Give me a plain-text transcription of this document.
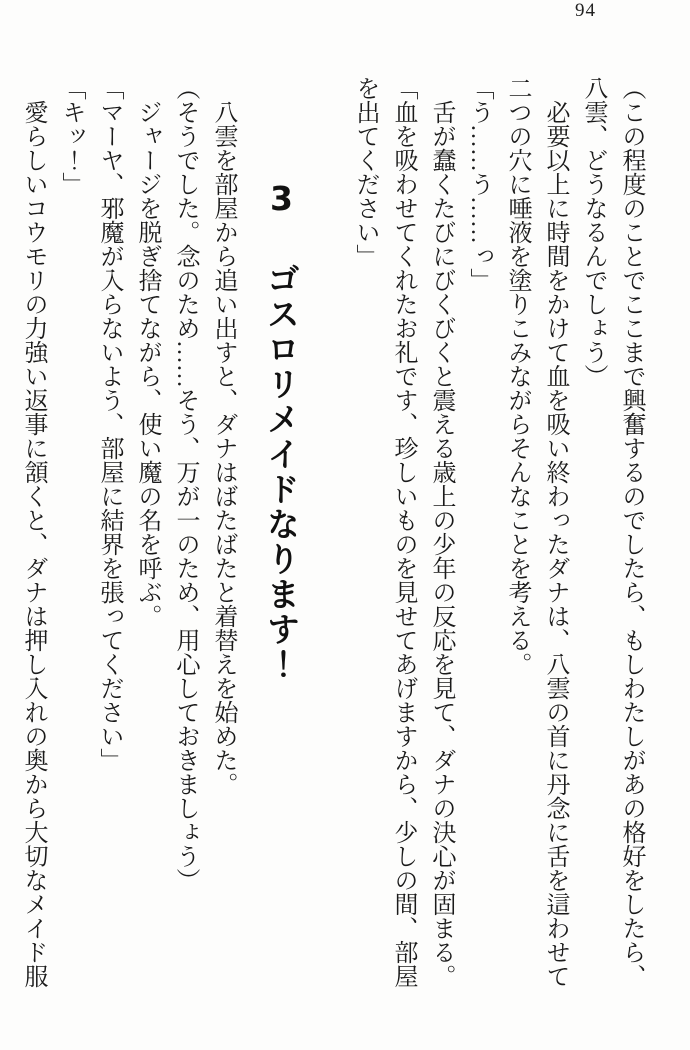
94

（この程度のことでここまで興奮するのでしたら、もしわたしがあの格好をしたら、八雲、どうなるんでしょう）

必要以上に時間をかけて血を吸い終わったダナは、八雲の首に丹念に舌を這わせて二つの穴に唾液を塗りこみながらそんなことを考える。

「う……う……っ」

舌が蠢くたびにびくびくと震える歳上の少年の反応を見て、ダナの決心が固まる。

「血を吸わせてくれたお礼です、珍しいものを見せてあげますから、少しの間、部屋を出てください」

3 ゴスロリメイドなります！

八雲を部屋から追い出すと、ダナはばたばたと着替えを始めた。

（そうでした。念のため……そう、万が一のため、用心しておきましょう）

ジャージを脱ぎ捨てながら、使い魔の名を呼ぶ。

「マーヤ、邪魔が入らないよう、部屋に結界を張ってください」

「キッ！」

愛らしいコウモリの力強い返事に頷くと、ダナは押し入れの奥から大切なメイド服
